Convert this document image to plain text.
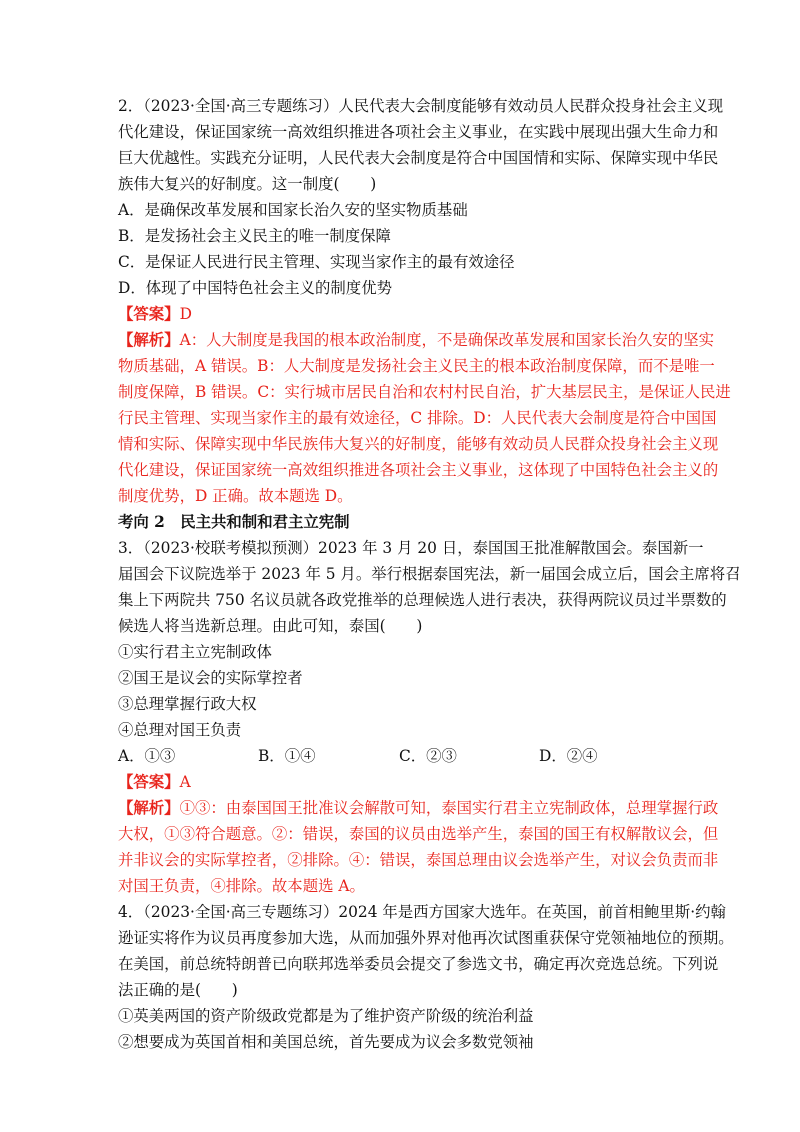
2．（2023·全国·高三专题练习）人民代表大会制度能够有效动员人民群众投身社会主义现
代化建设，保证国家统一高效组织推进各项社会主义事业，在实践中展现出强大生命力和
巨大优越性。实践充分证明，人民代表大会制度是符合中国国情和实际、保障实现中华民
族伟大复兴的好制度。这一制度(　　)
A．是确保改革发展和国家长治久安的坚实物质基础
B．是发扬社会主义民主的唯一制度保障
C．是保证人民进行民主管理、实现当家作主的最有效途径
D．体现了中国特色社会主义的制度优势
【答案】D
【解析】A：人大制度是我国的根本政治制度，不是确保改革发展和国家长治久安的坚实
物质基础，A 错误。B：人大制度是发扬社会主义民主的根本政治制度保障，而不是唯一
制度保障，B 错误。C：实行城市居民自治和农村村民自治，扩大基层民主，是保证人民进
行民主管理、实现当家作主的最有效途径，C 排除。D：人民代表大会制度是符合中国国
情和实际、保障实现中华民族伟大复兴的好制度，能够有效动员人民群众投身社会主义现
代化建设，保证国家统一高效组织推进各项社会主义事业，这体现了中国特色社会主义的
制度优势，D 正确。故本题选 D。
考向 2　民主共和制和君主立宪制
3．（2023·校联考模拟预测）2023 年 3 月 20 日，泰国国王批准解散国会。泰国新一
届国会下议院选举于 2023 年 5 月。举行根据泰国宪法，新一届国会成立后，国会主席将召
集上下两院共 750 名议员就各政党推举的总理候选人进行表决，获得两院议员过半票数的
候选人将当选新总理。由此可知，泰国(　　)
①实行君主立宪制政体
②国王是议会的实际掌控者
③总理掌握行政大权
④总理对国王负责
A．①③	B．①④	C．②③	D．②④
【答案】A
【解析】①③：由泰国国王批准议会解散可知，泰国实行君主立宪制政体，总理掌握行政
大权，①③符合题意。②：错误，泰国的议员由选举产生，泰国的国王有权解散议会，但
并非议会的实际掌控者，②排除。④：错误，泰国总理由议会选举产生，对议会负责而非
对国王负责，④排除。故本题选 A。
4．（2023·全国·高三专题练习）2024 年是西方国家大选年。在英国，前首相鲍里斯·约翰
逊证实将作为议员再度参加大选，从而加强外界对他再次试图重获保守党领袖地位的预期。
在美国，前总统特朗普已向联邦选举委员会提交了参选文书，确定再次竞选总统。下列说
法正确的是(　　)
①英美两国的资产阶级政党都是为了维护资产阶级的统治利益
②想要成为英国首相和美国总统，首先要成为议会多数党领袖
